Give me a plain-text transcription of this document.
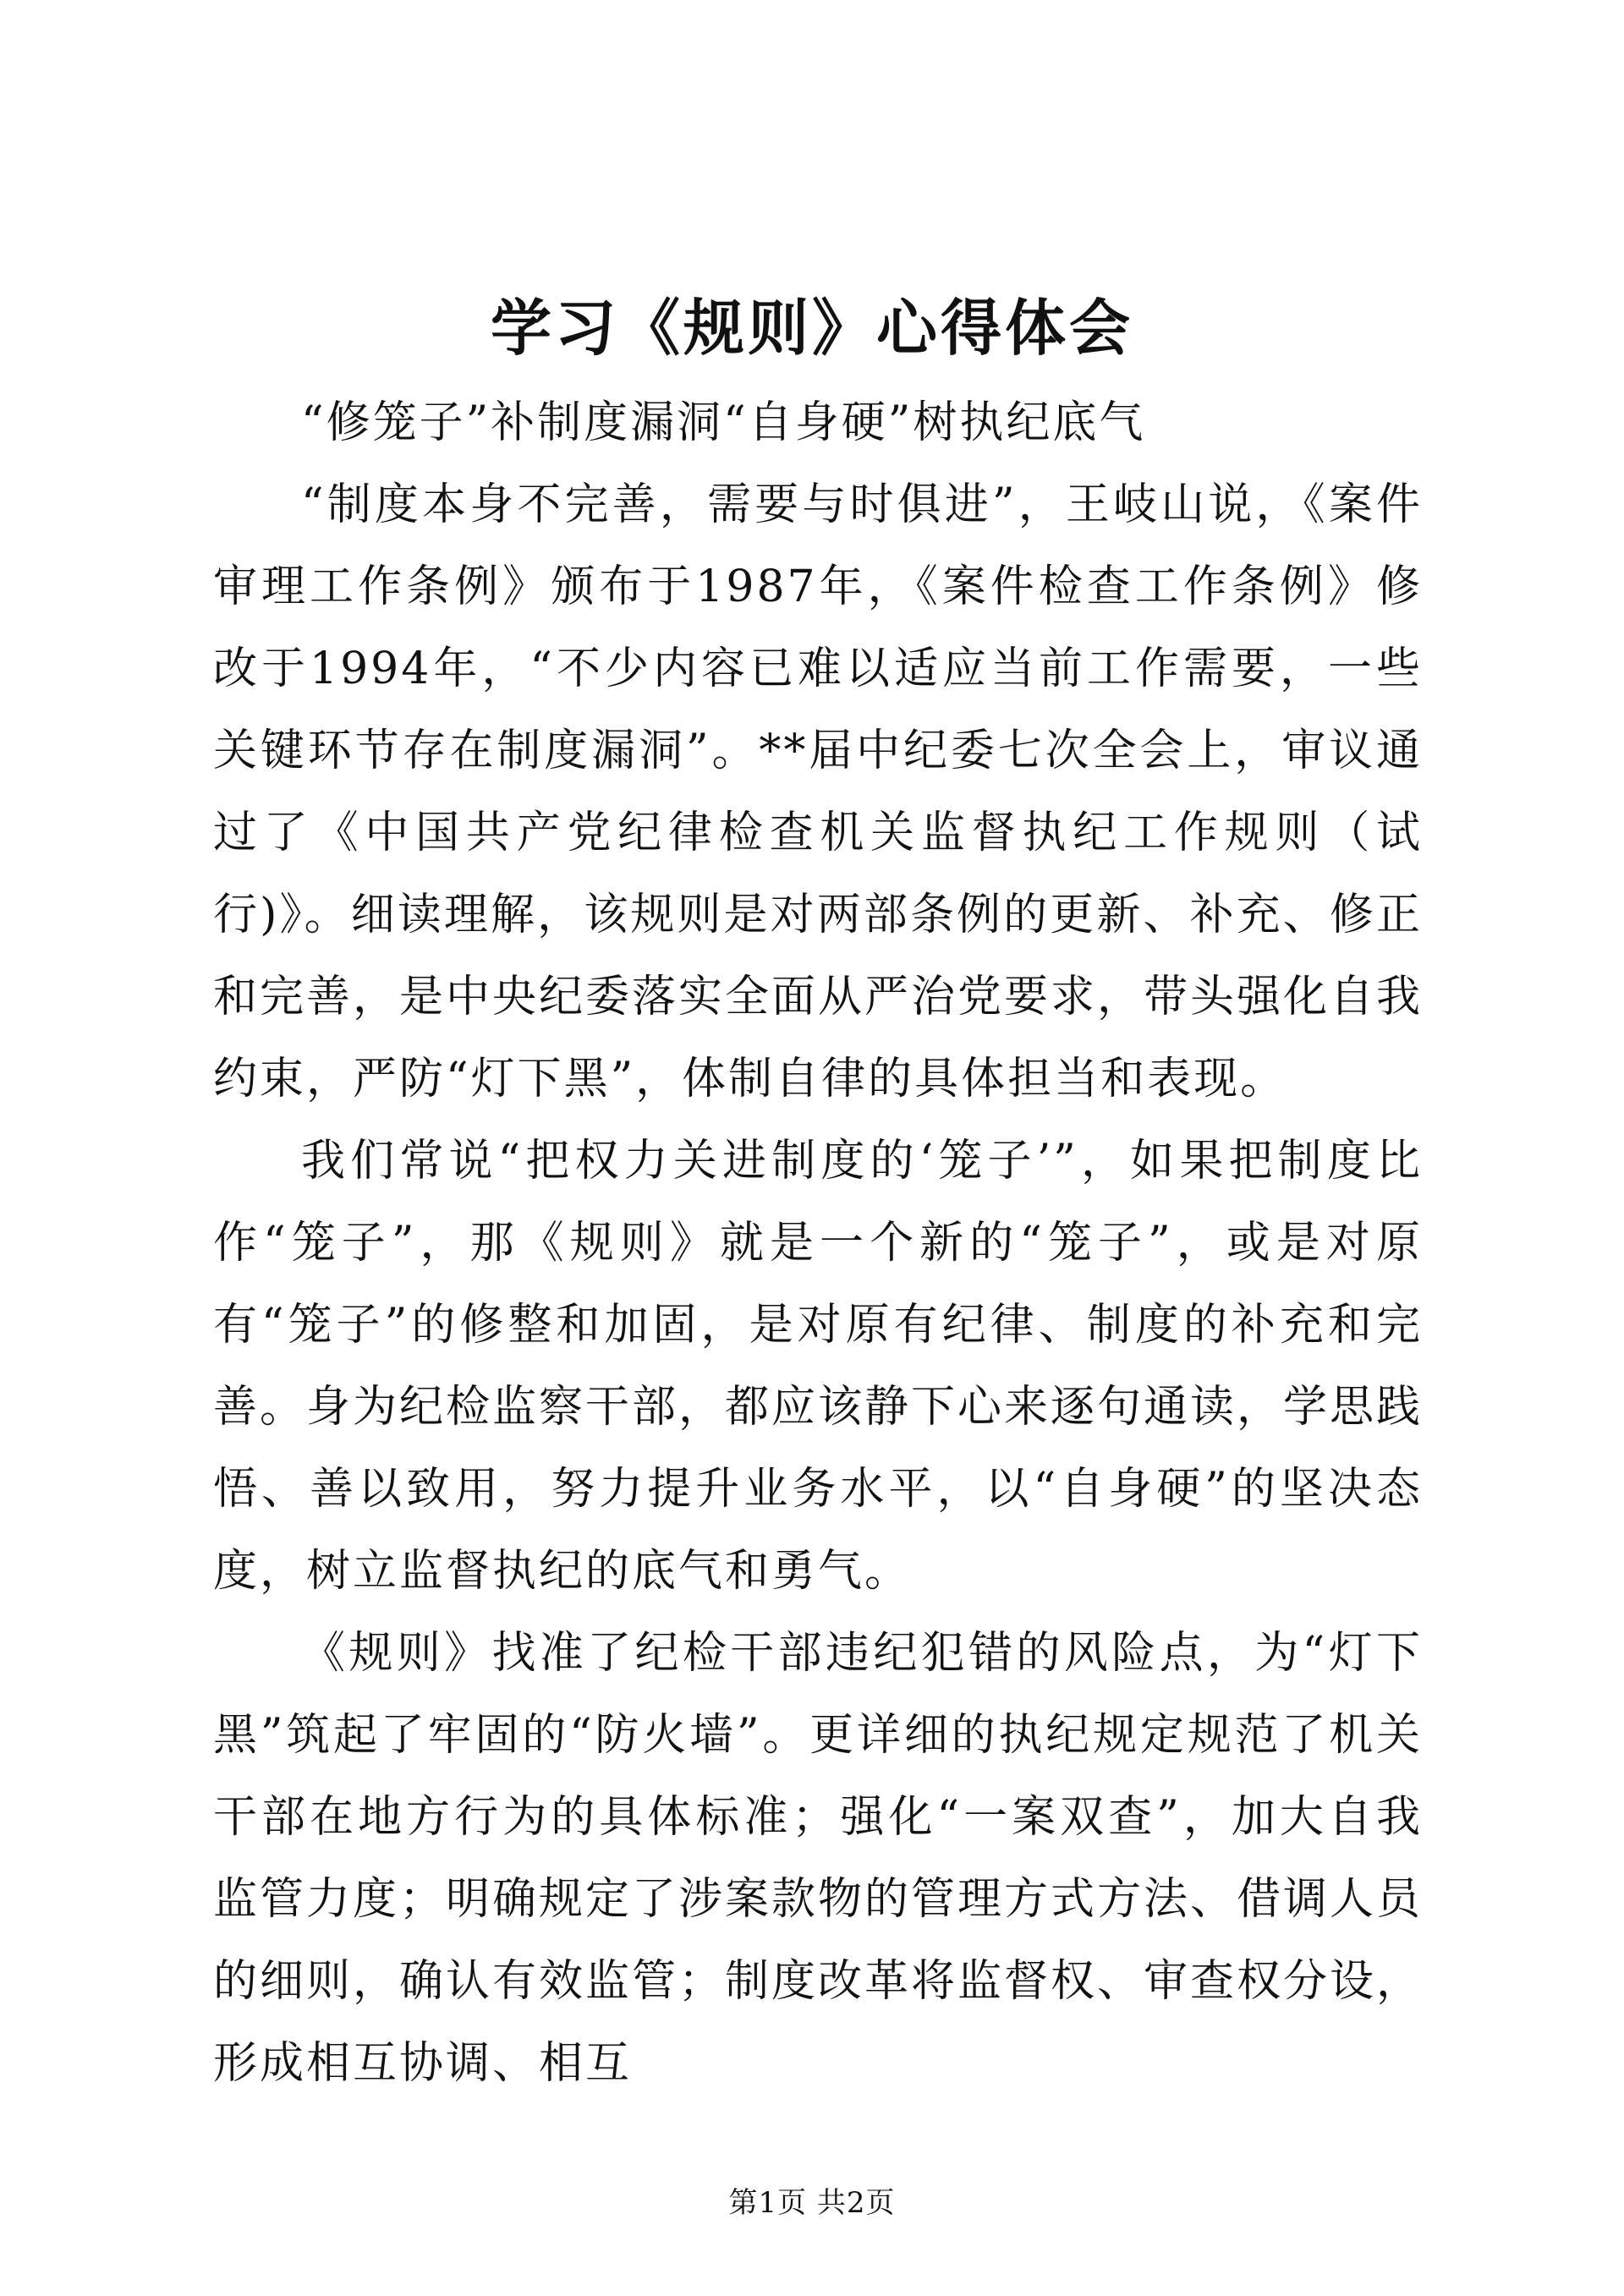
学习《规则》心得体会

“修笼子”补制度漏洞“自身硬”树执纪底气

“制度本身不完善，需要与时俱进”，王岐山说，《案件审理工作条例》颁布于1987年，《案件检查工作条例》修改于1994年，“不少内容已难以适应当前工作需要，一些关键环节存在制度漏洞”。**届中纪委七次全会上，审议通过了《中国共产党纪律检查机关监督执纪工作规则（试行)》。细读理解，该规则是对两部条例的更新、补充、修正和完善，是中央纪委落实全面从严治党要求，带头强化自我约束，严防“灯下黑”，体制自律的具体担当和表现。

我们常说“把权力关进制度的‘笼子’”，如果把制度比作“笼子”，那《规则》就是一个新的“笼子”，或是对原有“笼子”的修整和加固，是对原有纪律、制度的补充和完善。身为纪检监察干部，都应该静下心来逐句通读，学思践悟、善以致用，努力提升业务水平，以“自身硬”的坚决态度，树立监督执纪的底气和勇气。

《规则》找准了纪检干部违纪犯错的风险点，为“灯下黑”筑起了牢固的“防火墙”。更详细的执纪规定规范了机关干部在地方行为的具体标准；强化“一案双查”，加大自我监管力度；明确规定了涉案款物的管理方式方法、借调人员的细则，确认有效监管；制度改革将监督权、审查权分设，形成相互协调、相互

第1页 共2页
